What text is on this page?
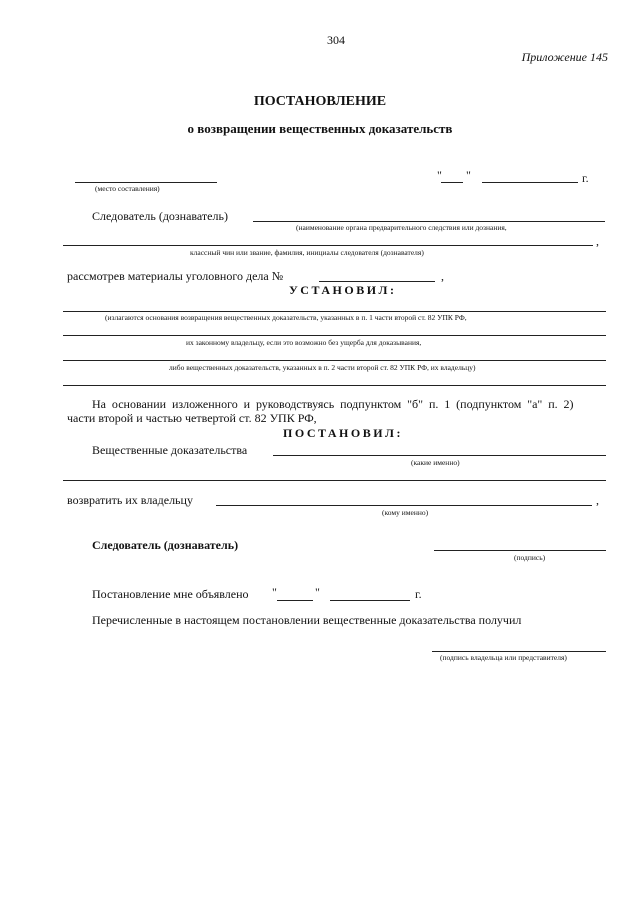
304
Приложение 145
ПОСТАНОВЛЕНИЕ
о возвращении вещественных доказательств
(место составления)
" "	г.
Следователь (дознаватель)
(наименование органа предварительного следствия или дознания,
,
классный чин или звание, фамилия, инициалы следователя (дознавателя)
рассмотрев материалы уголовного дела №	,
УСТАНОВИЛ:
(излагаются основания возвращения вещественных доказательств, указанных в п. 1 части второй ст. 82 УПК РФ,
их законному владельцу, если это возможно без ущерба для доказывания,
либо вещественных доказательств, указанных в п. 2 части второй ст. 82 УПК РФ, их владельцу)
На основании изложенного и руководствуясь подпунктом "б" п. 1 (подпунктом "а" п. 2)
части второй и частью четвертой ст. 82 УПК РФ,
ПОСТАНОВИЛ:
Вещественные доказательства
(какие именно)
возвратить их владельцу	,
(кому именно)
Следователь (дознаватель)
(подпись)
Постановление мне объявлено "	"	г.
Перечисленные в настоящем постановлении вещественные доказательства получил
(подпись владельца или представителя)
